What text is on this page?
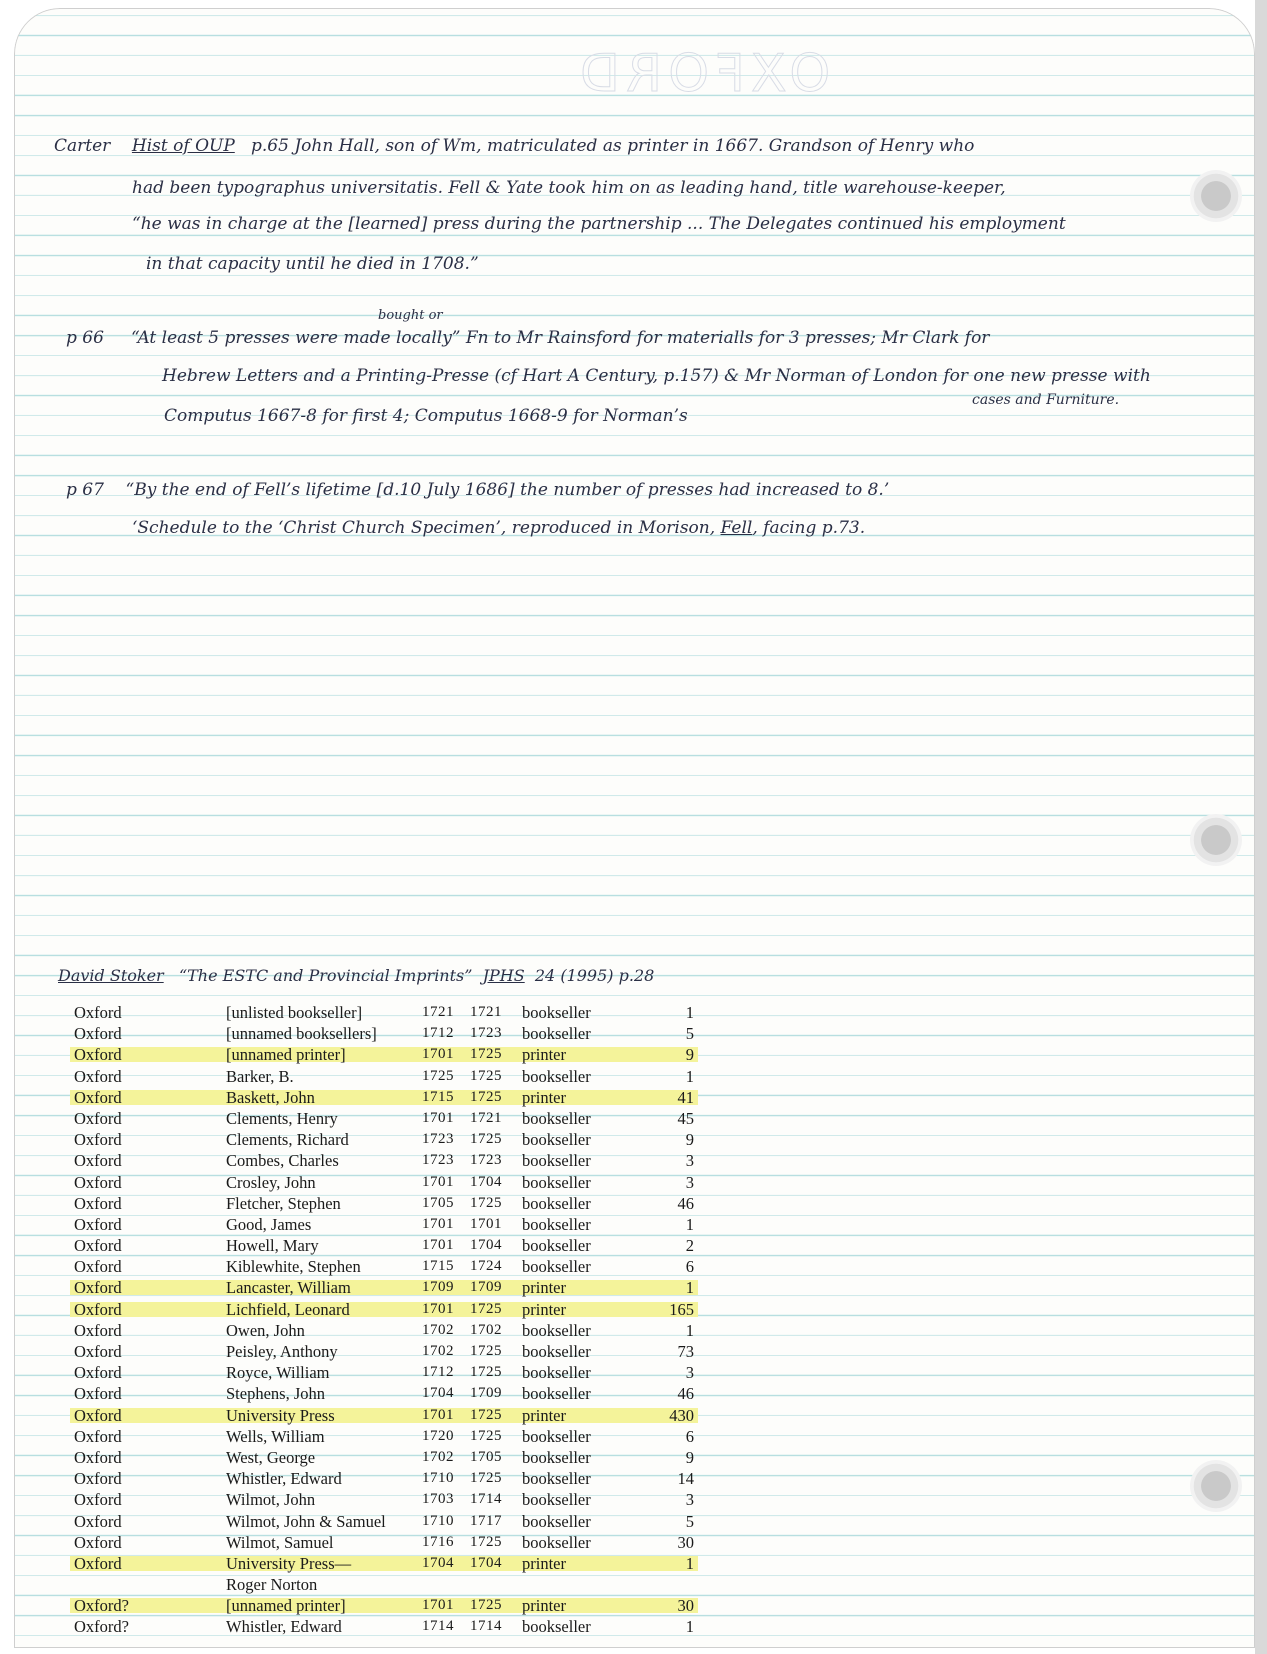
OXFORD
Carter Hist of OUP p.65 John Hall, son of Wm, matriculated as printer in 1667. Grandson of Henry who
had been typographus universitatis. Fell & Yate took him on as leading hand, title warehouse-keeper,
“he was in charge at the [learned] press during the partnership ... The Delegates continued his employment
in that capacity until he died in 1708.”
bought or
p 66 “At least 5 presses were made locally” Fn to Mr Rainsford for materialls for 3 presses; Mr Clark for
Hebrew Letters and a Printing-Presse (cf Hart A Century, p.157) & Mr Norman of London for one new presse with
cases and Furniture.
Computus 1667-8 for first 4; Computus 1668-9 for Norman’s
p 67 “By the end of Fell’s lifetime [d.10 July 1686] the number of presses had increased to 8.’
‘Schedule to the ‘Christ Church Specimen’, reproduced in Morison, Fell, facing p.73.
David Stoker “The ESTC and Provincial Imprints” JPHS 24 (1995) p.28
Oxford	[unlisted bookseller]	1721 1721 bookseller	1
Oxford	[unnamed booksellers]	1712 1723 bookseller	5
Oxford	[unnamed printer]	1701 1725 printer	9
Oxford	Barker, B.	1725 1725 bookseller	1
Oxford	Baskett, John	1715 1725 printer	41
Oxford	Clements, Henry	1701 1721 bookseller	45
Oxford	Clements, Richard	1723 1725 bookseller	9
Oxford	Combes, Charles	1723 1723 bookseller	3
Oxford	Crosley, John	1701 1704 bookseller	3
Oxford	Fletcher, Stephen	1705 1725 bookseller	46
Oxford	Good, James	1701 1701 bookseller	1
Oxford	Howell, Mary	1701 1704 bookseller	2
Oxford	Kiblewhite, Stephen	1715 1724 bookseller	6
Oxford	Lancaster, William	1709 1709 printer	1
Oxford	Lichfield, Leonard	1701 1725 printer	165
Oxford	Owen, John	1702 1702 bookseller	1
Oxford	Peisley, Anthony	1702 1725 bookseller	73
Oxford	Royce, William	1712 1725 bookseller	3
Oxford	Stephens, John	1704 1709 bookseller	46
Oxford	University Press	1701 1725 printer	430
Oxford	Wells, William	1720 1725 bookseller	6
Oxford	West, George	1702 1705 bookseller	9
Oxford	Whistler, Edward	1710 1725 bookseller	14
Oxford	Wilmot, John	1703 1714 bookseller	3
Oxford	Wilmot, John & Samuel 1710 1717 bookseller	5
Oxford	Wilmot, Samuel	1716 1725 bookseller	30
Oxford	University Press—	1704 1704 printer	1
Roger Norton
Oxford?	[unnamed printer]	1701 1725 printer	30
Oxford?	Whistler, Edward	1714 1714 bookseller	1
